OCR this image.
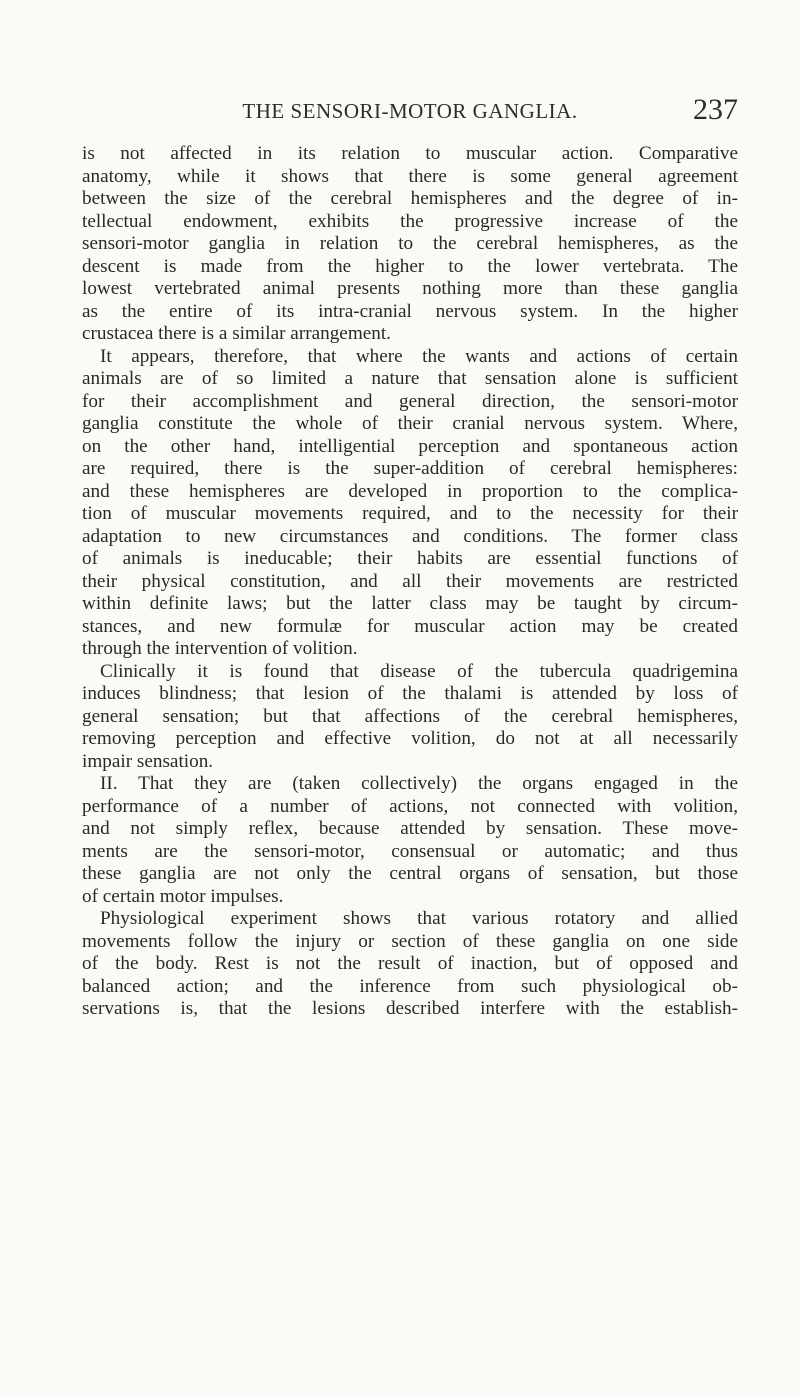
THE SENSORI-MOTOR GANGLIA.	237
is not affected in its relation to muscular action. Comparative
anatomy, while it shows that there is some general agreement
between the size of the cerebral hemispheres and the degree of in-
tellectual endowment, exhibits the progressive increase of the
sensori-motor ganglia in relation to the cerebral hemispheres, as the
descent is made from the higher to the lower vertebrata. The
lowest vertebrated animal presents nothing more than these ganglia
as the entire of its intra-cranial nervous system. In the higher
crustacea there is a similar arrangement.
It appears, therefore, that where the wants and actions of certain
animals are of so limited a nature that sensation alone is sufficient
for their accomplishment and general direction, the sensori-motor
ganglia constitute the whole of their cranial nervous system. Where,
on the other hand, intelligential perception and spontaneous action
are required, there is the super-addition of cerebral hemispheres:
and these hemispheres are developed in proportion to the complica-
tion of muscular movements required, and to the necessity for their
adaptation to new circumstances and conditions. The former class
of animals is ineducable; their habits are essential functions of
their physical constitution, and all their movements are restricted
within definite laws; but the latter class may be taught by circum-
stances, and new formulæ for muscular action may be created
through the intervention of volition.
Clinically it is found that disease of the tubercula quadrigemina
induces blindness; that lesion of the thalami is attended by loss of
general sensation; but that affections of the cerebral hemispheres,
removing perception and effective volition, do not at all necessarily
impair sensation.
II. That they are (taken collectively) the organs engaged in the
performance of a number of actions, not connected with volition,
and not simply reflex, because attended by sensation. These move-
ments are the sensori-motor, consensual or automatic; and thus
these ganglia are not only the central organs of sensation, but those
of certain motor impulses.
Physiological experiment shows that various rotatory and allied
movements follow the injury or section of these ganglia on one side
of the body. Rest is not the result of inaction, but of opposed and
balanced action; and the inference from such physiological ob-
servations is, that the lesions described interfere with the establish-
